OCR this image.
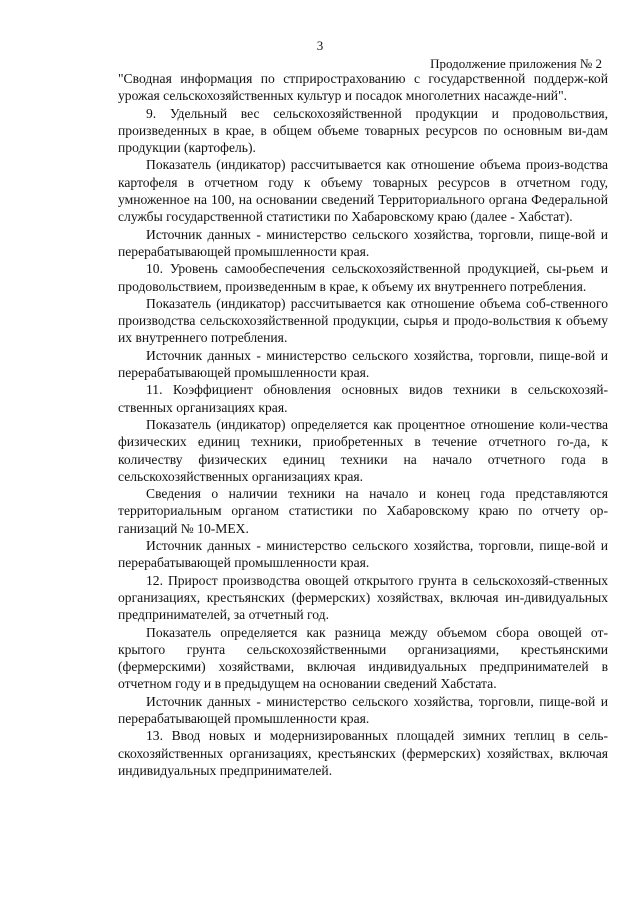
3
Продолжение приложения № 2

"Сводная информация по стприрострахованию с государственной поддерж-кой урожая сельскохозяйственных культур и посадок многолетних насажде-ний".

9. Удельный вес сельскохозяйственной продукции и продовольствия, произведенных в крае, в общем объеме товарных ресурсов по основным ви-дам продукции (картофель).

Показатель (индикатор) рассчитывается как отношение объема произ-водства картофеля в отчетном году к объему товарных ресурсов в отчетном году, умноженное на 100, на основании сведений Территориального органа Федеральной службы государственной статистики по Хабаровскому краю (далее - Хабстат).

Источник данных - министерство сельского хозяйства, торговли, пище-вой и перерабатывающей промышленности края.

10. Уровень самообеспечения сельскохозяйственной продукцией, сы-рьем и продовольствием, произведенным в крае, к объему их внутреннего потребления.

Показатель (индикатор) рассчитывается как отношение объема соб-ственного производства сельскохозяйственной продукции, сырья и продо-вольствия к объему их внутреннего потребления.

Источник данных - министерство сельского хозяйства, торговли, пище-вой и перерабатывающей промышленности края.

11. Коэффициент обновления основных видов техники в сельскохозяй-ственных организациях края.

Показатель (индикатор) определяется как процентное отношение коли-чества физических единиц техники, приобретенных в течение отчетного го-да, к количеству физических единиц техники на начало отчетного года в сельскохозяйственных организациях края.

Сведения о наличии техники на начало и конец года представляются территориальным органом статистики по Хабаровскому краю по отчету ор-ганизаций № 10-МЕХ.

Источник данных - министерство сельского хозяйства, торговли, пище-вой и перерабатывающей промышленности края.

12. Прирост производства овощей открытого грунта в сельскохозяй-ственных организациях, крестьянских (фермерских) хозяйствах, включая ин-дивидуальных предпринимателей, за отчетный год.

Показатель определяется как разница между объемом сбора овощей от-крытого грунта сельскохозяйственными организациями, крестьянскими (фермерскими) хозяйствами, включая индивидуальных предпринимателей в отчетном году и в предыдущем на основании сведений Хабстата.

Источник данных - министерство сельского хозяйства, торговли, пище-вой и перерабатывающей промышленности края.

13. Ввод новых и модернизированных площадей зимних теплиц в сель-скохозяйственных организациях, крестьянских (фермерских) хозяйствах, включая индивидуальных предпринимателей.
